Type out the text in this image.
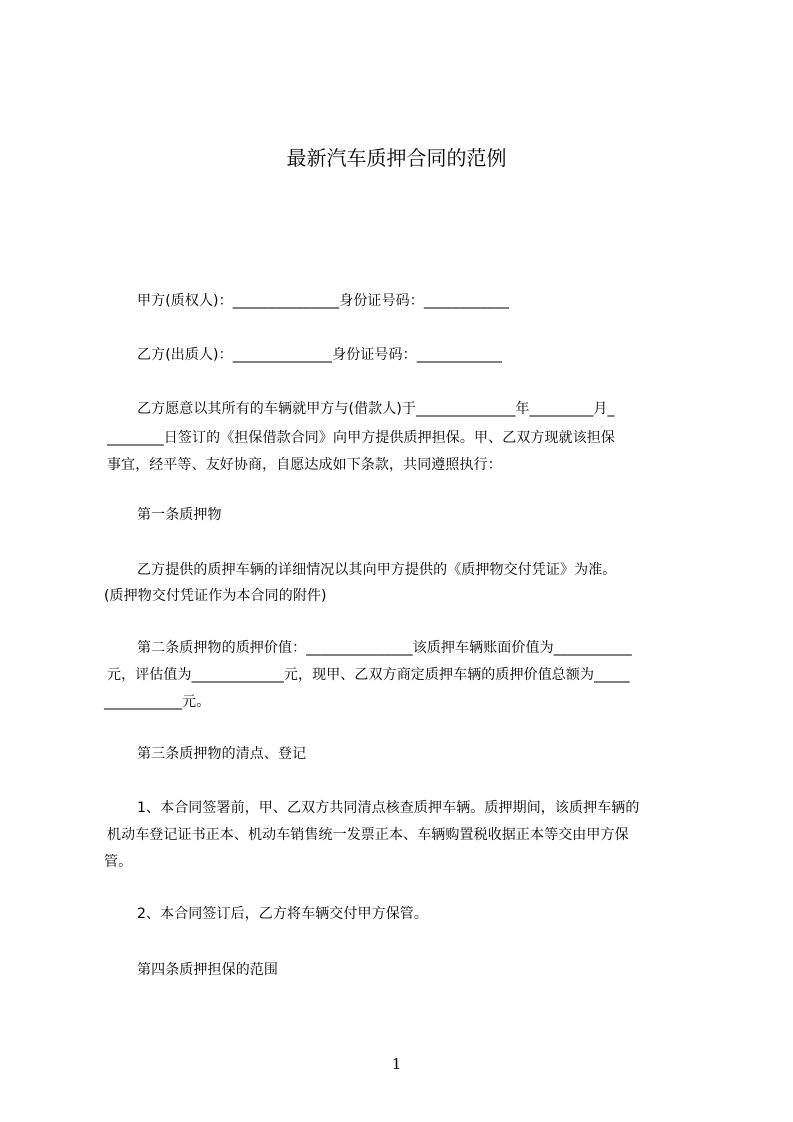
最新汽车质押合同的范例
甲方(质权人)：_______________身份证号码：____________
乙方(出质人)：______________身份证号码：____________
乙方愿意以其所有的车辆就甲方与(借款人)于______________年_________月_
________日签订的《担保借款合同》向甲方提供质押担保。甲、乙双方现就该担保
事宜，经平等、友好协商，自愿达成如下条款，共同遵照执行：
第一条质押物
乙方提供的质押车辆的详细情况以其向甲方提供的《质押物交付凭证》为准。
(质押物交付凭证作为本合同的附件)
第二条质押物的质押价值：_______________该质押车辆账面价值为___________
元，评估值为_____________元，现甲、乙双方商定质押车辆的质押价值总额为_____
___________元。
第三条质押物的清点、登记
1、本合同签署前，甲、乙双方共同清点核查质押车辆。质押期间，该质押车辆的
机动车登记证书正本、机动车销售统一发票正本、车辆购置税收据正本等交由甲方保
管。
2、本合同签订后，乙方将车辆交付甲方保管。
第四条质押担保的范围
1
